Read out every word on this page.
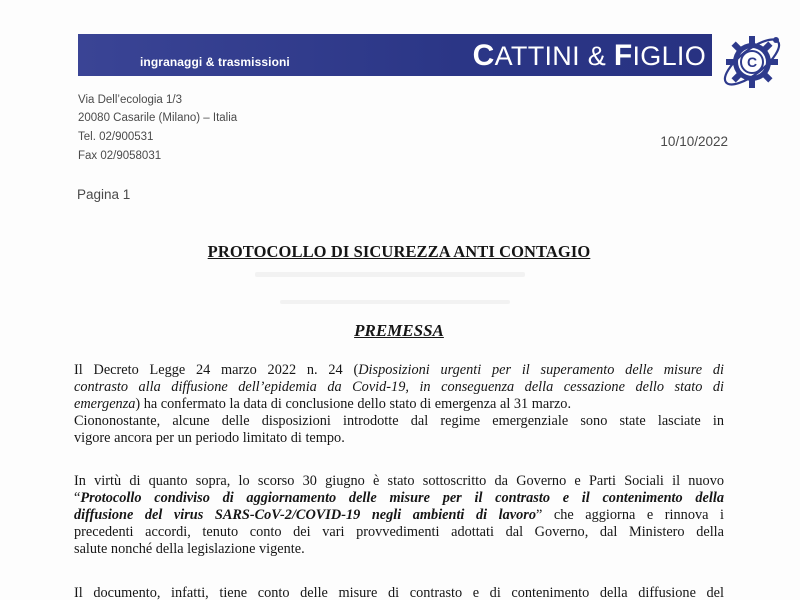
ingranaggi & trasmissioni	CATTINI & FIGLIO	C
Via Dell’ecologia 1/3
20080 Casarile (Milano) – Italia
Tel. 02/900531
Fax 02/9058031
10/10/2022
Pagina 1
PROTOCOLLO DI SICUREZZA ANTI CONTAGIO
PREMESSA
Il Decreto Legge 24 marzo 2022 n. 24 (Disposizioni urgenti per il superamento delle misure di
contrasto alla diffusione dell’epidemia da Covid-19, in conseguenza della cessazione dello stato di
emergenza) ha confermato la data di conclusione dello stato di emergenza al 31 marzo.
Ciononostante, alcune delle disposizioni introdotte dal regime emergenziale sono state lasciate in
vigore ancora per un periodo limitato di tempo.
In virtù di quanto sopra, lo scorso 30 giugno è stato sottoscritto da Governo e Parti Sociali il nuovo
“Protocollo condiviso di aggiornamento delle misure per il contrasto e il contenimento della
diffusione del virus SARS-CoV-2/COVID-19 negli ambienti di lavoro” che aggiorna e rinnova i
precedenti accordi, tenuto conto dei vari provvedimenti adottati dal Governo, dal Ministero della
salute nonché della legislazione vigente.
Il documento, infatti, tiene conto delle misure di contrasto e di contenimento della diffusione del
